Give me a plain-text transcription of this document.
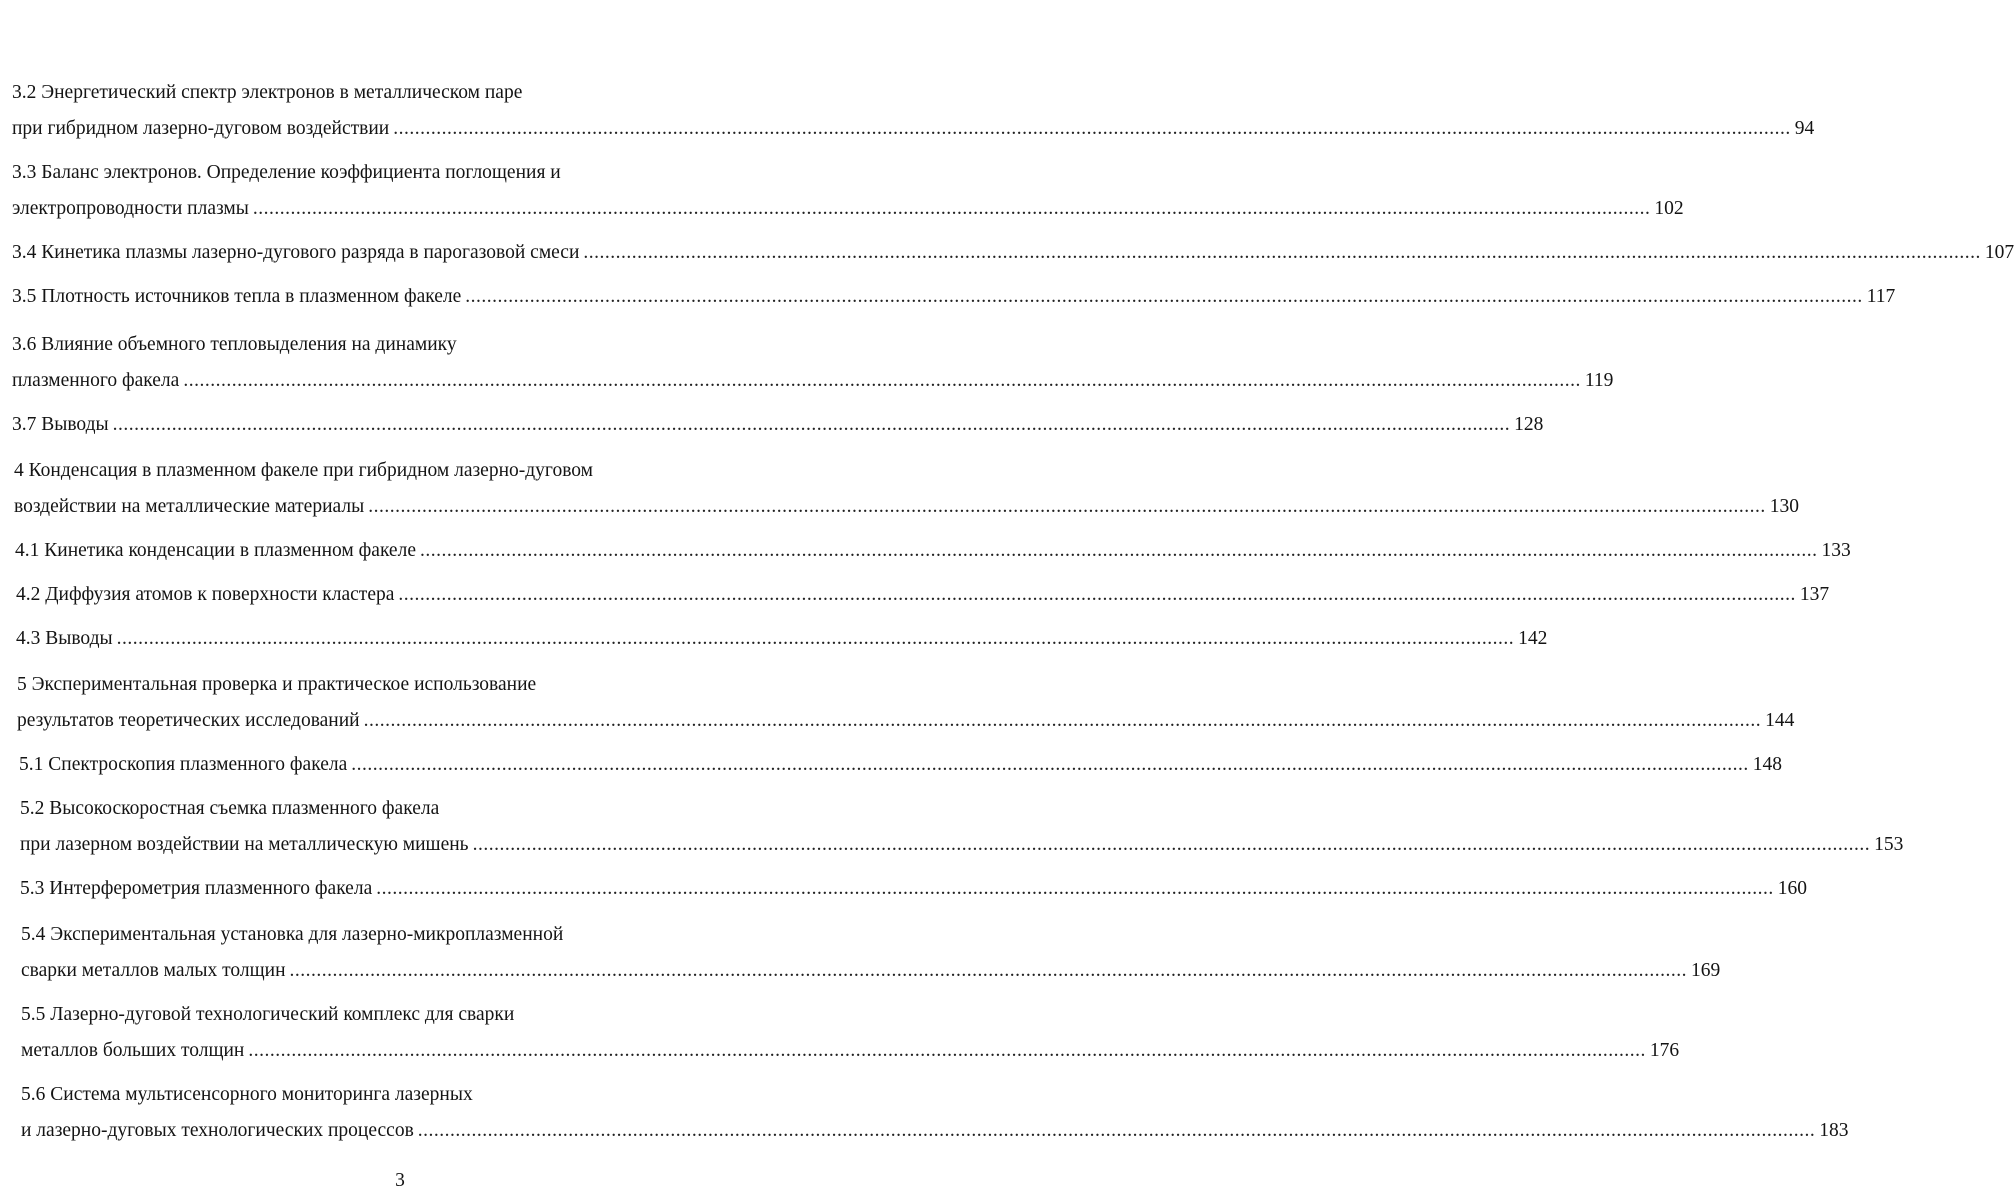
3.2 Энергетический спектр электронов в металлическом паре
при гибридном лазерно-дуговом воздействии .................................................................................................................................................................................................................................................................... 94
3.3 Баланс электронов. Определение коэффициента поглощения и
электропроводности плазмы .................................................................................................................................................................................................................................................................... 102
3.4 Кинетика плазмы лазерно-дугового разряда в парогазовой смеси .................................................................................................................................................................................................................................................................... 107
3.5 Плотность источников тепла в плазменном факеле .................................................................................................................................................................................................................................................................... 117
3.6 Влияние объемного тепловыделения на динамику
плазменного факела .................................................................................................................................................................................................................................................................... 119
3.7 Выводы .................................................................................................................................................................................................................................................................... 128
4 Конденсация в плазменном факеле при гибридном лазерно-дуговом
воздействии на металлические материалы .................................................................................................................................................................................................................................................................... 130
4.1 Кинетика конденсации в плазменном факеле .................................................................................................................................................................................................................................................................... 133
4.2 Диффузия атомов к поверхности кластера .................................................................................................................................................................................................................................................................... 137
4.3 Выводы .................................................................................................................................................................................................................................................................... 142
5 Экспериментальная проверка и практическое использование
результатов теоретических исследований .................................................................................................................................................................................................................................................................... 144
5.1 Спектроскопия плазменного факела .................................................................................................................................................................................................................................................................... 148
5.2 Высокоскоростная съемка плазменного факела
при лазерном воздействии на металлическую мишень .................................................................................................................................................................................................................................................................... 153
5.3 Интерферометрия плазменного факела .................................................................................................................................................................................................................................................................... 160
5.4 Экспериментальная установка для лазерно-микроплазменной
сварки металлов малых толщин .................................................................................................................................................................................................................................................................... 169
5.5 Лазерно-дуговой технологический комплекс для сварки
металлов больших толщин .................................................................................................................................................................................................................................................................... 176
5.6 Система мультисенсорного мониторинга лазерных
и лазерно-дуговых технологических процессов .................................................................................................................................................................................................................................................................... 183
3
